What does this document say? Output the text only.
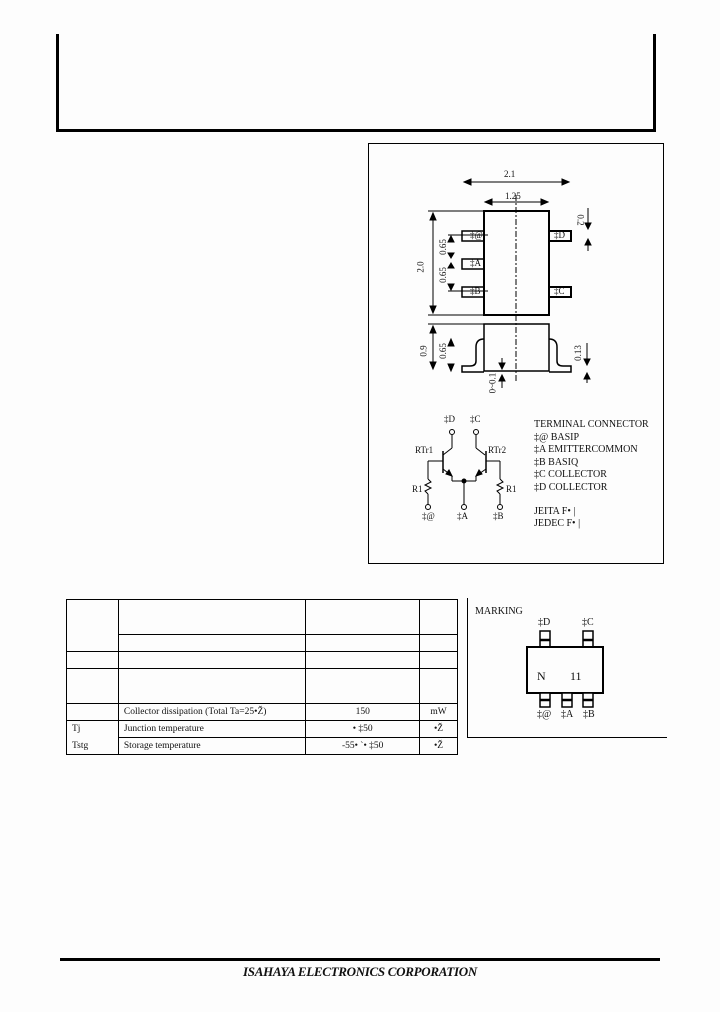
2.1
1.25
0.2
2.0
0.65
0.65
0.9 0.65	0.13
0~0.1
‡@
‡A
‡B
‡D
‡C
‡D ‡C
RTr1	RTr2
R1	R1
‡@ ‡A	‡B
TERMINAL CONNECTOR
‡@ BASIP
‡A EMITTERCOMMON
‡B BASIQ
‡C COLLECTOR
‡D COLLECTOR
JEITA F• |
JEDEC F• |

	Collector dissipation (Total Ta=25•Ž)	150	mW
Tj	Junction temperature	• ‡50	•Ž
Tstg	Storage temperature	-55• `• ‡50	•Ž
MARKING
‡D	‡C
N 11
‡@ ‡A ‡B
ISAHAYA ELECTRONICS CORPORATION
